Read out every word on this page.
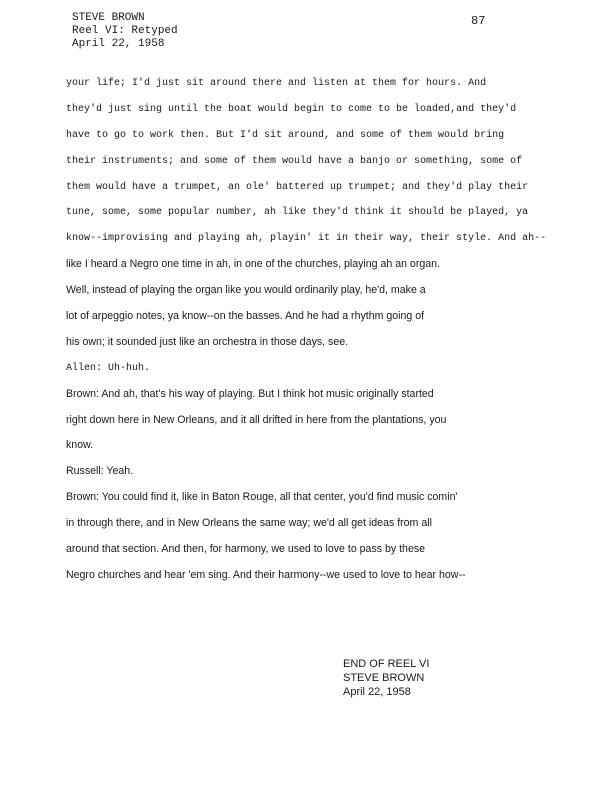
STEVE BROWN
Reel VI: Retyped
April 22, 1958
87
your life; I'd just sit around there and listen at them for hours. And
they'd just sing until the boat would begin to come to be loaded,and they'd
have to go to work then. But I'd sit around, and some of them would bring
their instruments; and some of them would have a banjo or something, some of
them would have a trumpet, an ole' battered up trumpet; and they'd play their
tune, some, some popular number, ah like they'd think it should be played, ya
know--improvising and playing ah, playin' it in their way, their style. And ah--
like I heard a Negro one time in ah, in one of the churches, playing ah an organ.
Well, instead of playing the organ like you would ordinarily play, he'd, make a
lot of arpeggio notes, ya know--on the basses. And he had a rhythm going of
his own; it sounded just like an orchestra in those days, see.
Allen: Uh-huh.
Brown: And ah, that's his way of playing. But I think hot music originally started
right down here in New Orleans, and it all drifted in here from the plantations, you
know.
Russell: Yeah.
Brown: You could find it, like in Baton Rouge, all that center, you'd find music comin'
in through there, and in New Orleans the same way; we'd all get ideas from all
around that section. And then, for harmony, we used to love to pass by these
Negro churches and hear 'em sing. And their harmony--we used to love to hear how--
END OF REEL VI
STEVE BROWN
April 22, 1958
